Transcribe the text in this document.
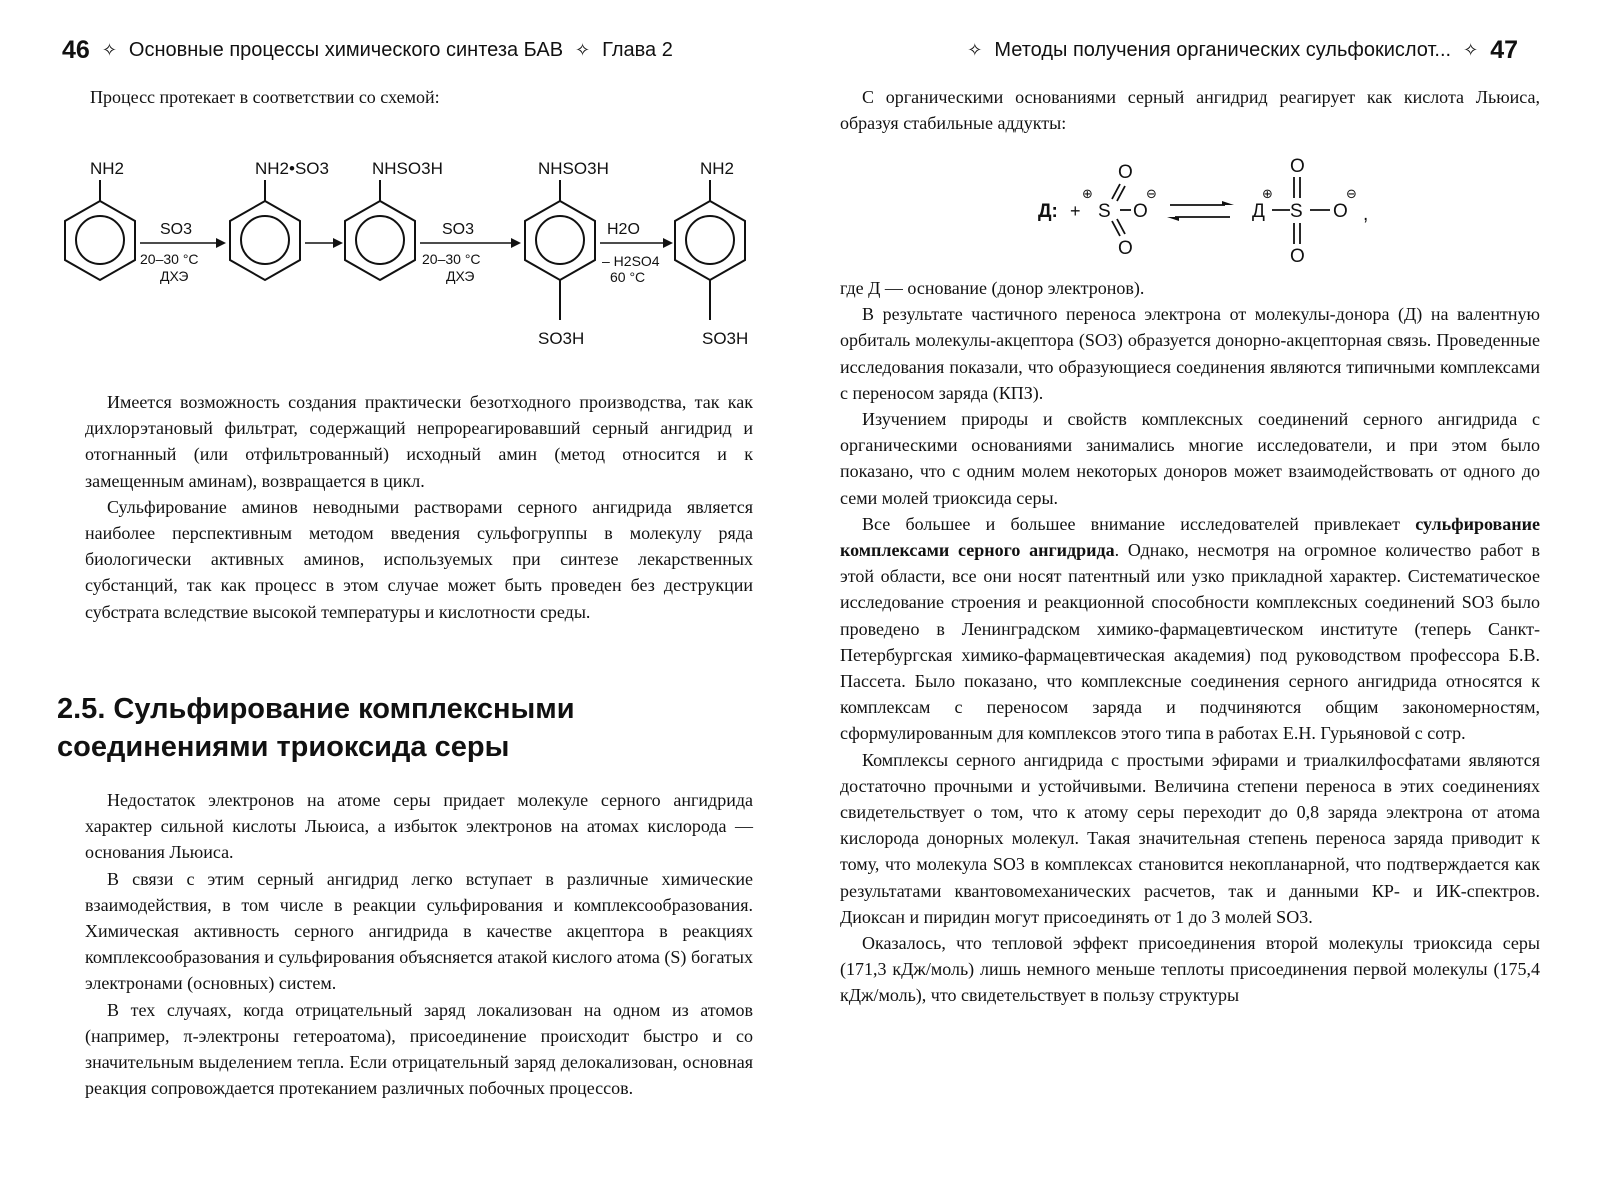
46 ✧ Основные процессы химического синтеза БАВ ✧ Глава 2

Процесс протекает в соответствии со схемой:

NH2	NH2•SO3	NHSO3H	NHSO3H
SO3H
NH2
SO3H
SO3
20–30 °C
ДХЭ
SO3
20–30 °C
ДХЭ
H2O
– H2SO4
60 °C

Имеется возможность создания практически безотходного производства, так как дихлорэтановый фильтрат, содержащий непрореагировавший серный ангидрид и отогнанный (или отфильтрованный) исходный амин (метод относится и к замещенным аминам), возвращается в цикл.

Сульфирование аминов неводными растворами серного ангидрида является наиболее перспективным методом введения сульфогруппы в молекулу ряда биологически активных аминов, используемых при синтезе лекарственных субстанций, так как процесс в этом случае может быть проведен без деструкции субстрата вследствие высокой температуры и кислотности среды.

2.5. Сульфирование комплексными соединениями триоксида серы

Недостаток электронов на атоме серы придает молекуле серного ангидрида характер сильной кислоты Льюиса, а избыток электронов на атомах кислорода — основания Льюиса.

В связи с этим серный ангидрид легко вступает в различные химические взаимодействия, в том числе в реакции сульфирования и комплексообразования. Химическая активность серного ангидрида в качестве акцептора в реакциях комплексообразования и сульфирования объясняется атакой кислого атома (S) богатых электронами (основных) систем.

В тех случаях, когда отрицательный заряд локализован на одном из атомов (например, π-электроны гетероатома), присоединение происходит быстро и со значительным выделением тепла. Если отрицательный заряд делокализован, основная реакция сопровождается протеканием различных побочных процессов.

✧ Методы получения органических сульфокислот... ✧ 47

С органическими основаниями серный ангидрид реагирует как кислота Льюиса, образуя стабильные аддукты:

Д: +
⊕
S
O
O
O
⊖
Д
⊕
S
O
O
O
⊖
,

где Д — основание (донор электронов).

В результате частичного переноса электрона от молекулы-донора (Д) на валентную орбиталь молекулы-акцептора (SO3) образуется донорно-акцепторная связь. Проведенные исследования показали, что образующиеся соединения являются типичными комплексами с переносом заряда (КПЗ).

Изучением природы и свойств комплексных соединений серного ангидрида с органическими основаниями занимались многие исследователи, и при этом было показано, что с одним молем некоторых доноров может взаимодействовать от одного до семи молей триоксида серы.

Все большее и большее внимание исследователей привлекает сульфирование комплексами серного ангидрида. Однако, несмотря на огромное количество работ в этой области, все они носят патентный или узко прикладной характер. Систематическое исследование строения и реакционной способности комплексных соединений SO3 было проведено в Ленинградском химико-фармацевтическом институте (теперь Санкт-Петербургская химико-фармацевтическая академия) под руководством профессора Б.В. Пассета. Было показано, что комплексные соединения серного ангидрида относятся к комплексам с переносом заряда и подчиняются общим закономерностям, сформулированным для комплексов этого типа в работах Е.Н. Гурьяновой с сотр.

Комплексы серного ангидрида с простыми эфирами и триалкилфосфатами являются достаточно прочными и устойчивыми. Величина степени переноса в этих соединениях свидетельствует о том, что к атому серы переходит до 0,8 заряда электрона от атома кислорода донорных молекул. Такая значительная степень переноса заряда приводит к тому, что молекула SO3 в комплексах становится некопланарной, что подтверждается как результатами квантовомеханических расчетов, так и данными КР- и ИК-спектров. Диоксан и пиридин могут присоединять от 1 до 3 молей SO3.

Оказалось, что тепловой эффект присоединения второй молекулы триоксида серы (171,3 кДж/моль) лишь немного меньше теплоты присоединения первой молекулы (175,4 кДж/моль), что свидетельствует в пользу структуры
